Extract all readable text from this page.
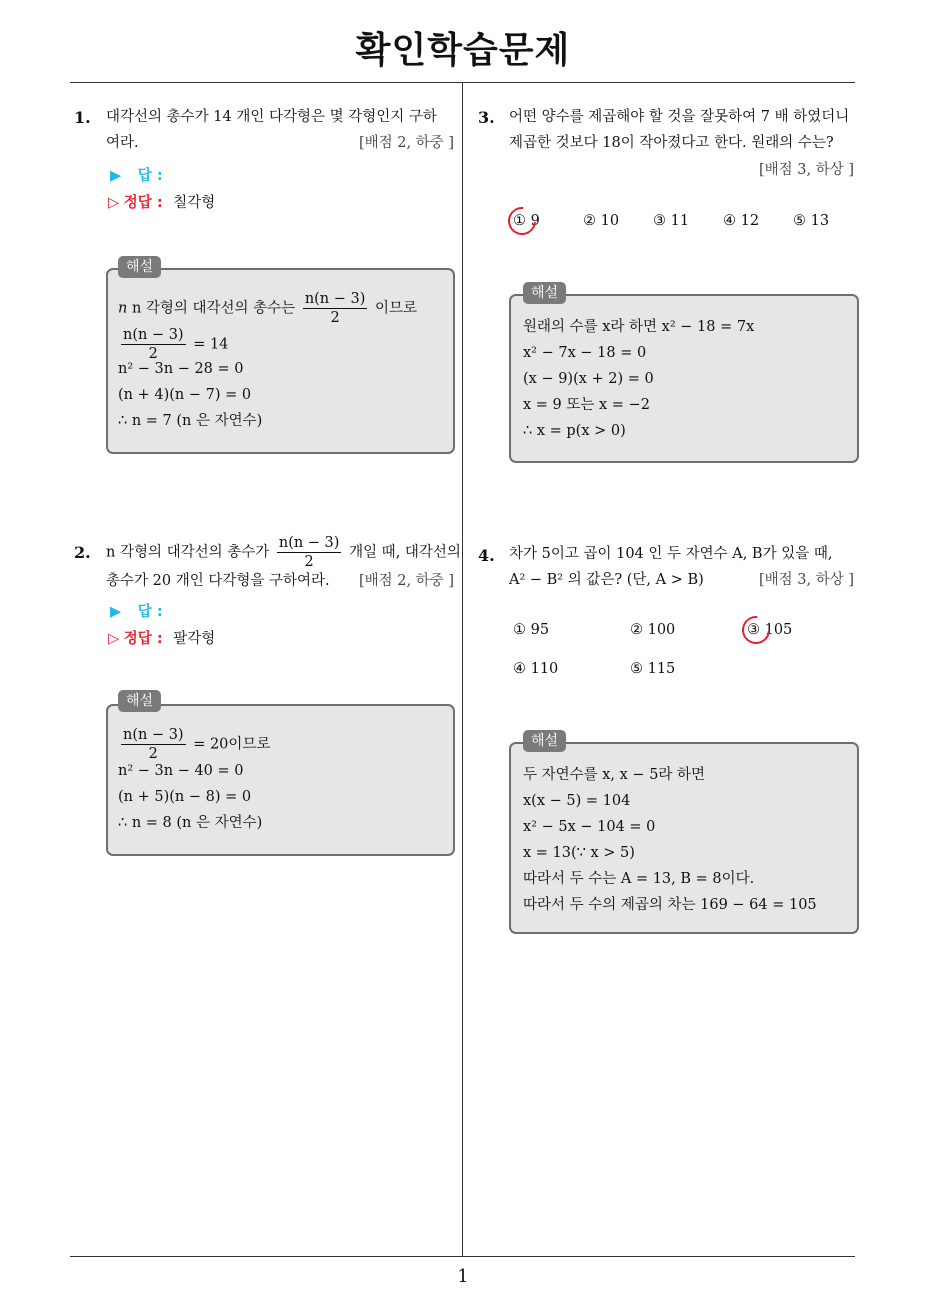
확인학습문제
1
1. 대각선의 총수가 14 개인 다각형은 몇 각형인지 구하
여라.	[배점 2, 하중 ]
▶ 답 :
▷ 정답 : 칠각형
n n 각형의 대각선의 총수는 $\frac{n(n - 3)}{2}$ 이므로
$\frac{n(n - 3)}{2} = 14$
n² − 3n − 28 = 0
(n + 4)(n − 7) = 0
∴ n = 7 (n 은 자연수)
해설
2. n 각형의 대각선의 총수가 $\frac{n(n - 3)}{2}$ 개일 때, 대각선의
총수가 20 개인 다각형을 구하여라. [배점 2, 하중 ]
▶ 답 :
▷ 정답 : 팔각형
$\frac{n(n - 3)}{2} = 20$이므로
n² − 3n − 40 = 0
(n + 5)(n − 8) = 0
∴ n = 8 (n 은 자연수)
해설
3. 어떤 양수를 제곱해야 할 것을 잘못하여 7 배 하였더니
제곱한 것보다 18이 작아졌다고 한다. 원래의 수는?
[배점 3, 하상 ]
① 9	② 10 ③ 11 ④ 12 ⑤ 13
원래의 수를 x라 하면 x² − 18 = 7x
x² − 7x − 18 = 0
(x − 9)(x + 2) = 0
x = 9 또는 x = −2
∴ x = p(x > 0)
해설
4. 차가 5이고 곱이 104 인 두 자연수 A, B가 있을 때,
A² − B² 의 값은? (단, A > B)	[배점 3, 하상 ]
① 95	② 100	③ 105
④ 110	⑤ 115
두 자연수를 x, x − 5라 하면
x(x − 5) = 104
x² − 5x − 104 = 0
x = 13(∵ x > 5)
따라서 두 수는 A = 13, B = 8이다.
따라서 두 수의 제곱의 차는 169 − 64 = 105
해설
